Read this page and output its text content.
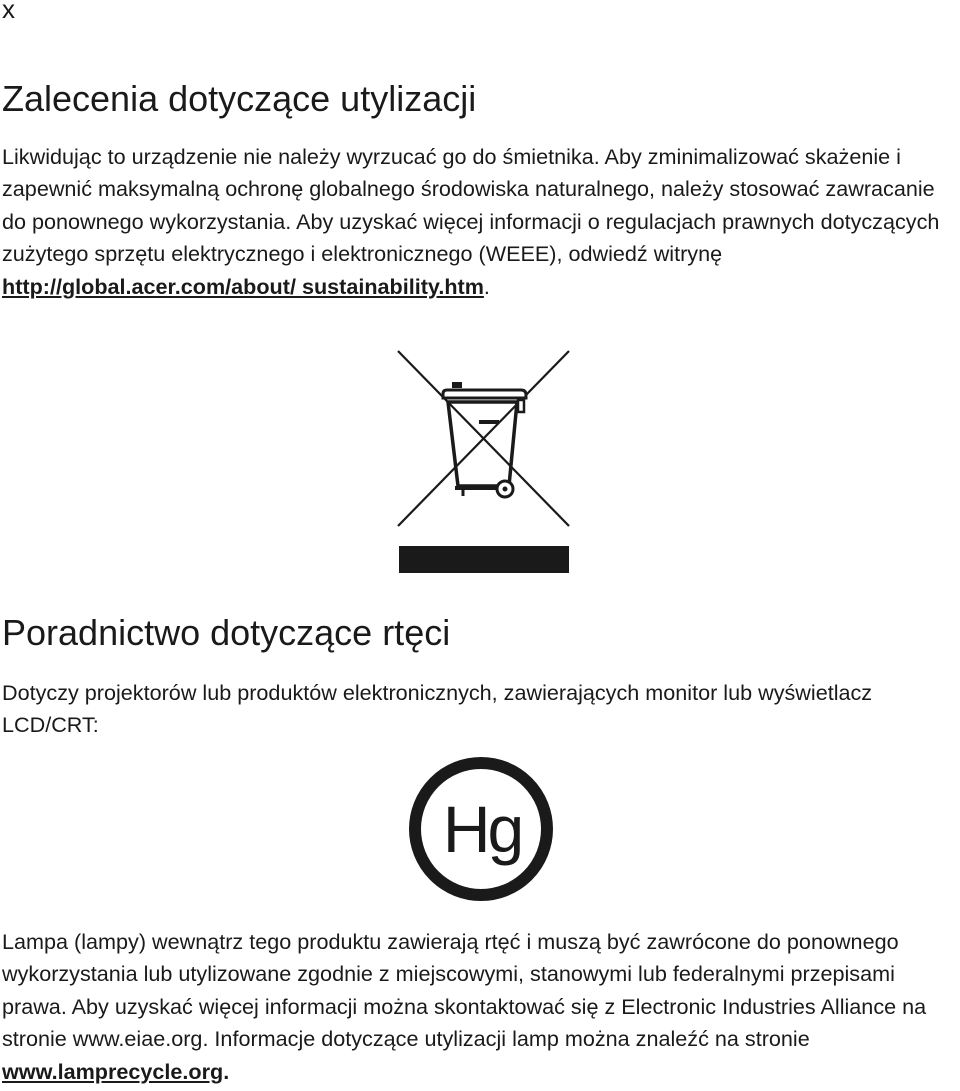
x
Zalecenia dotyczące utylizacji

Likwidując to urządzenie nie należy wyrzucać go do śmietnika. Aby zminimalizować skażenie i zapewnić maksymalną ochronę globalnego środowiska naturalnego, należy stosować zawracanie do ponownego wykorzystania. Aby uzyskać więcej informacji o regulacjach prawnych dotyczących zużytego sprzętu elektrycznego i elektronicznego (WEEE), odwiedź witrynę http://global.acer.com/about/ sustainability.htm.

Poradnictwo dotyczące rtęci

Dotyczy projektorów lub produktów elektronicznych, zawierających monitor lub wyświetlacz LCD/CRT:

Hg

Lampa (lampy) wewnątrz tego produktu zawierają rtęć i muszą być zawrócone do ponownego wykorzystania lub utylizowane zgodnie z miejscowymi, stanowymi lub federalnymi przepisami prawa. Aby uzyskać więcej informacji można skontaktować się z Electronic Industries Alliance na stronie www.eiae.org. Informacje dotyczące utylizacji lamp można znaleźć na stronie www.lamprecycle.org.
